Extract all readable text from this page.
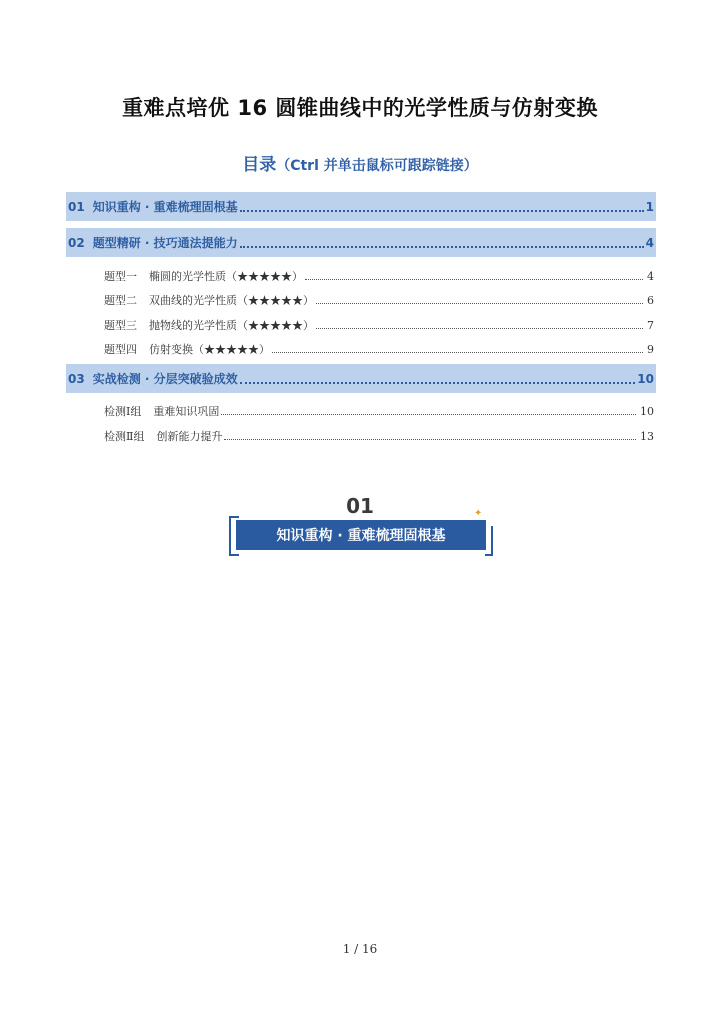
重难点培优 16 圆锥曲线中的光学性质与仿射变换
目录（Ctrl 并单击鼠标可跟踪链接）
01 知识重构 · 重难梳理固根基	1
02 题型精研 · 技巧通法提能力	4
题型一 椭圆的光学性质（★★★★★）	4
题型二 双曲线的光学性质（★★★★★）	6
题型三 抛物线的光学性质（★★★★★）	7
题型四 仿射变换（★★★★★）	9
03 实战检测 · 分层突破验成效	10
检测Ⅰ组 重难知识巩固	10
检测Ⅱ组 创新能力提升	13
01	✦
知识重构 · 重难梳理固根基
1 / 16
